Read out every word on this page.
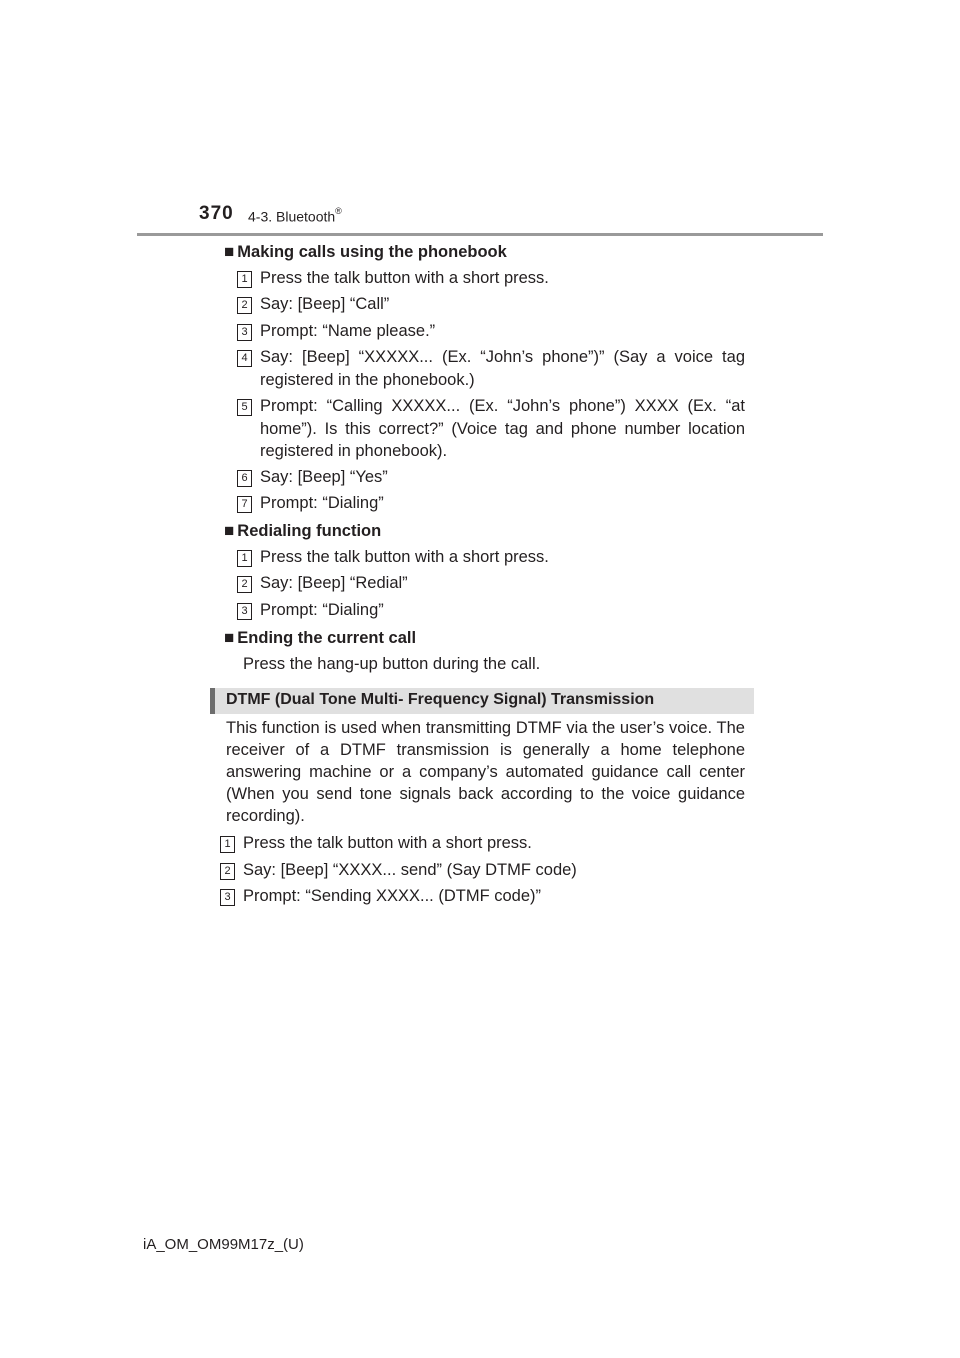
370 4-3. Bluetooth®
■ Making calls using the phonebook
1 Press the talk button with a short press.
2 Say: [Beep] “Call”
3 Prompt: “Name please.”
4 Say: [Beep] “XXXXX... (Ex. “John’s phone”)” (Say a voice tag registered in the phonebook.)
5 Prompt: “Calling XXXXX... (Ex. “John’s phone”) XXXX (Ex. “at home”). Is this correct?” (Voice tag and phone number location registered in phonebook).
6 Say: [Beep] “Yes”
7 Prompt: “Dialing”
■ Redialing function
1 Press the talk button with a short press.
2 Say: [Beep] “Redial”
3 Prompt: “Dialing”
■ Ending the current call
Press the hang-up button during the call.
DTMF (Dual Tone Multi- Frequency Signal) Transmission
This function is used when transmitting DTMF via the user’s voice. The receiver of a DTMF transmission is generally a home telephone answering machine or a company’s automated guidance call center (When you send tone signals back according to the voice guidance recording).
1 Press the talk button with a short press.
2 Say: [Beep] “XXXX... send” (Say DTMF code)
3 Prompt: “Sending XXXX... (DTMF code)”
iA_OM_OM99M17z_(U)
